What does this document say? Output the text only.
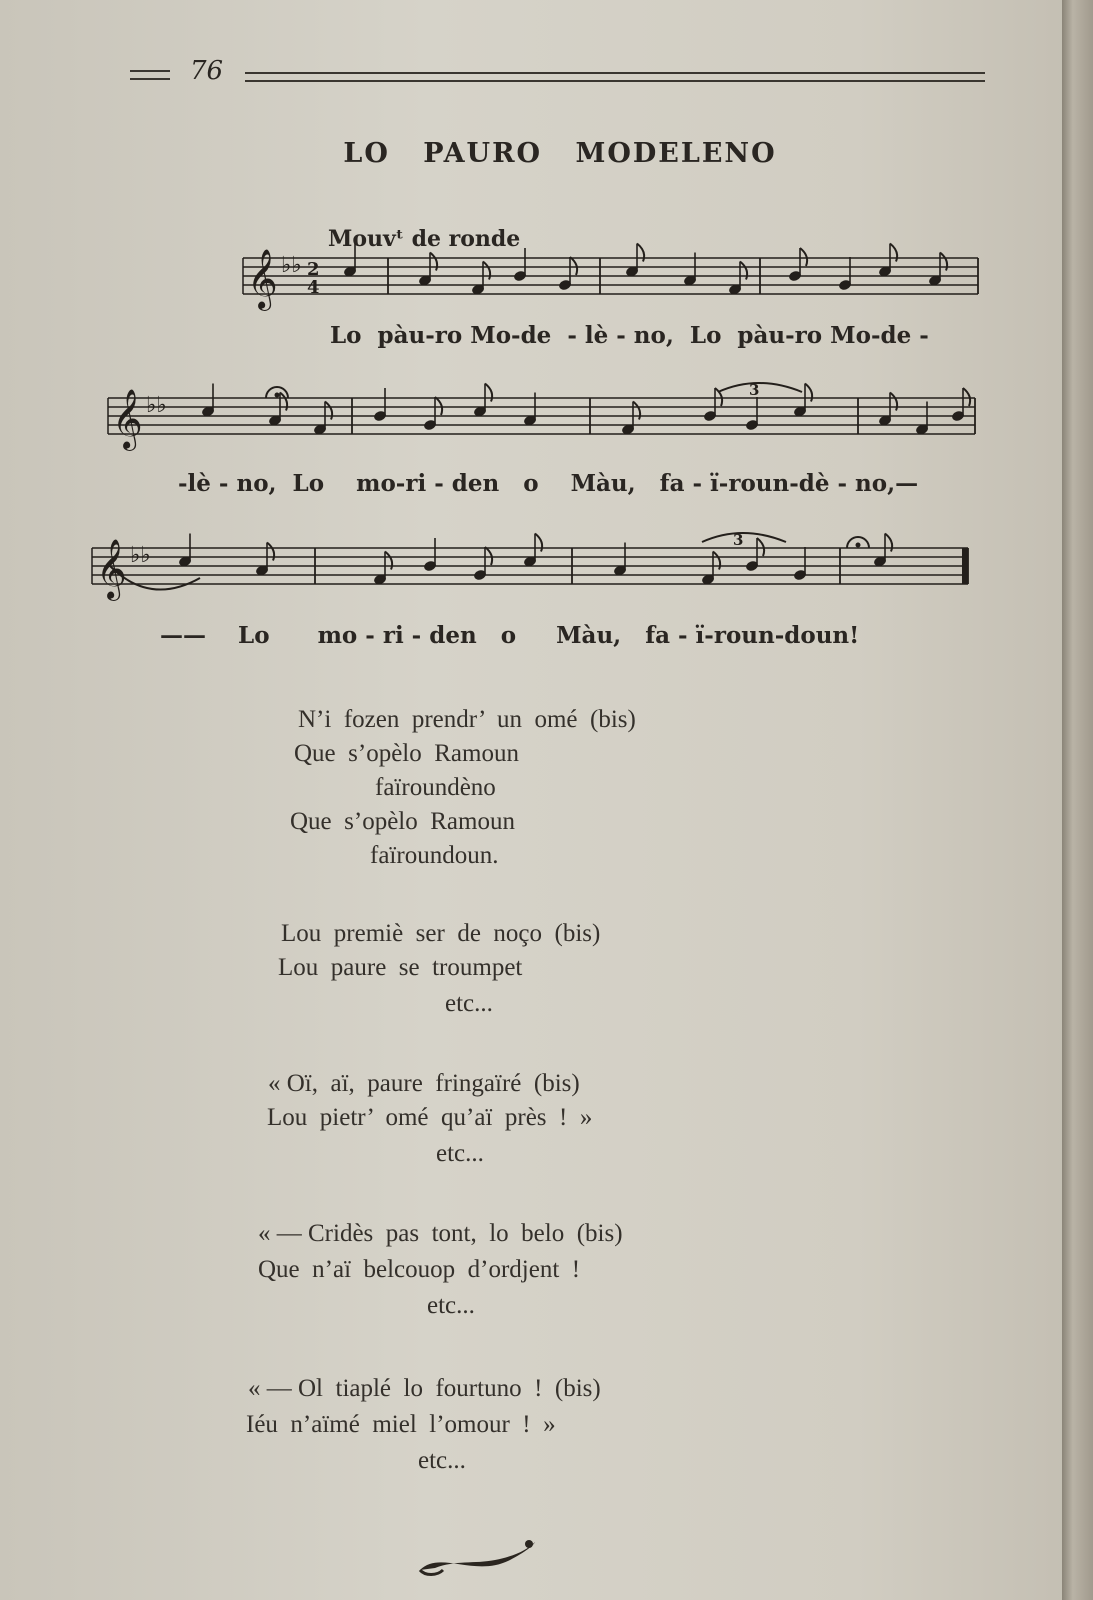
76
LO PAURO MODELENO
Mouvᵗ de ronde
𝄞 ♭♭ 2
4
𝄞 ♭♭
𝄞 ♭♭
3
3
Lo  pàu-ro Mo-de  - lè - no,  Lo  pàu-ro Mo-de -
-lè - no,  Lo    mo-ri - den   o    Màu,   fa - ï-roun-dè - no,—
——    Lo      mo - ri - den   o     Màu,   fa - ï-roun-doun!
N’i  fozen  prendr’  un  omé  (bis)
Que  s’opèlo  Ramoun
faïroundèno
Que  s’opèlo  Ramoun
faïroundoun.
Lou  premiè  ser  de  noço  (bis)
Lou  paure  se  troumpet
etc...
« Oï,  aï,  paure  fringaïré  (bis)
Lou  pietr’  omé  qu’aï  près  !  »
etc...
« — Cridès  pas  tont,  lo  belo  (bis)
Que  n’aï  belcouop  d’ordjent  !
etc...
« — Ol  tiaplé  lo  fourtuno  !  (bis)
Iéu  n’aïmé  miel  l’omour  !  »
etc...
